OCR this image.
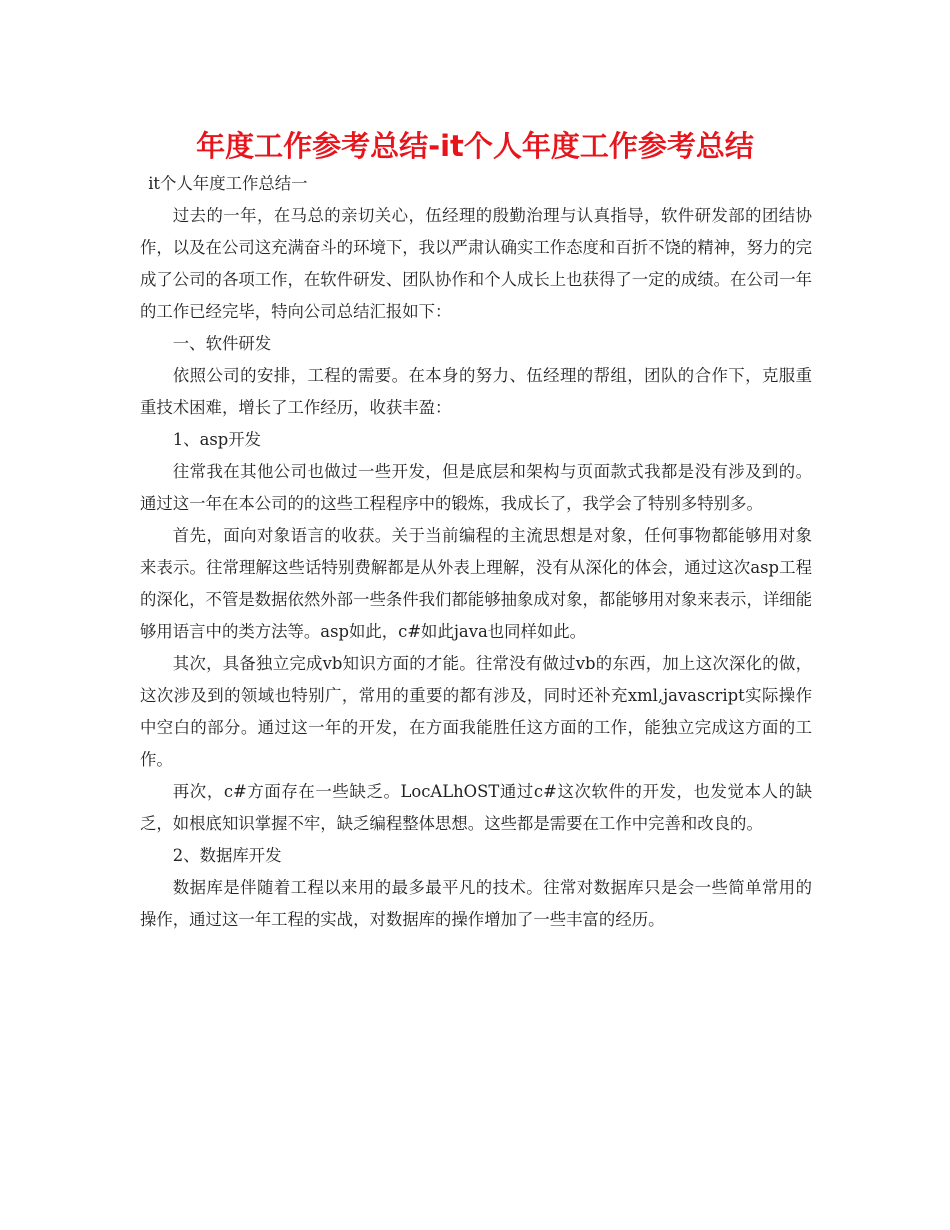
年度工作参考总结-it个人年度工作参考总结

it个人年度工作总结一

过去的一年，在马总的亲切关心，伍经理的殷勤治理与认真指导，软件研发部的团结协作，以及在公司这充满奋斗的环境下，我以严肃认确实工作态度和百折不饶的精神，努力的完成了公司的各项工作，在软件研发、团队协作和个人成长上也获得了一定的成绩。在公司一年的工作已经完毕，特向公司总结汇报如下：

一、软件研发

依照公司的安排，工程的需要。在本身的努力、伍经理的帮组，团队的合作下，克服重重技术困难，增长了工作经历，收获丰盈：

1、asp开发

往常我在其他公司也做过一些开发，但是底层和架构与页面款式我都是没有涉及到的。通过这一年在本公司的的这些工程程序中的锻炼，我成长了，我学会了特别多特别多。

首先，面向对象语言的收获。关于当前编程的主流思想是对象，任何事物都能够用对象来表示。往常理解这些话特别费解都是从外表上理解，没有从深化的体会，通过这次asp工程的深化，不管是数据依然外部一些条件我们都能够抽象成对象，都能够用对象来表示，详细能够用语言中的类方法等。asp如此，c#如此java也同样如此。

其次，具备独立完成vb知识方面的才能。往常没有做过vb的东西，加上这次深化的做，这次涉及到的领域也特别广，常用的重要的都有涉及，同时还补充xml,javascript实际操作中空白的部分。通过这一年的开发，在方面我能胜任这方面的工作，能独立完成这方面的工作。

再次，c#方面存在一些缺乏。LocALhOST通过c#这次软件的开发，也发觉本人的缺乏，如根底知识掌握不牢，缺乏编程整体思想。这些都是需要在工作中完善和改良的。

2、数据库开发

数据库是伴随着工程以来用的最多最平凡的技术。往常对数据库只是会一些简单常用的操作，通过这一年工程的实战，对数据库的操作增加了一些丰富的经历。
